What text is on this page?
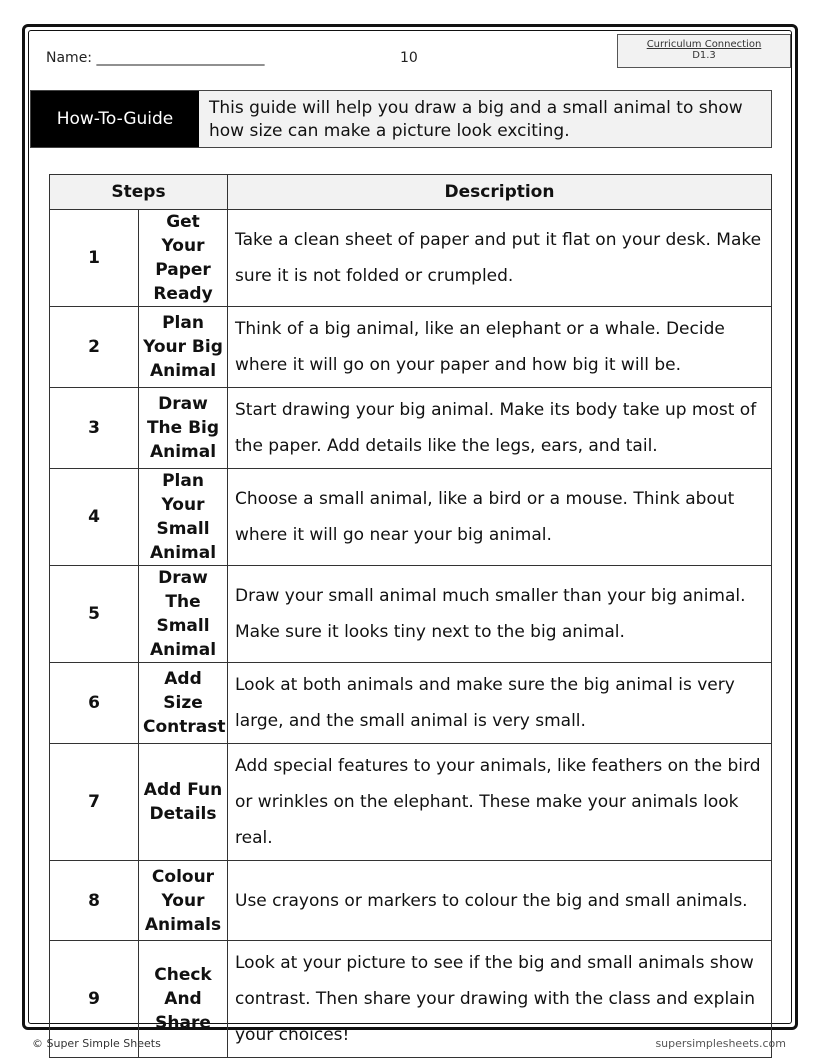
Name: ________________________	10
Curriculum Connection
D1.3
How-To-Guide
This guide will help you draw a big and a small animal to show how size can make a picture look exciting.
Steps		Description
1	Get Your Paper Ready	Take a clean sheet of paper and put it flat on your desk. Make sure it is not folded or crumpled.
2	Plan Your Big Animal	Think of a big animal, like an elephant or a whale. Decide where it will go on your paper and how big it will be.
3	Draw The Big Animal	Start drawing your big animal. Make its body take up most of the paper. Add details like the legs, ears, and tail.
4	Plan Your Small Animal	Choose a small animal, like a bird or a mouse. Think about where it will go near your big animal.
5	Draw The Small Animal	Draw your small animal much smaller than your big animal. Make sure it looks tiny next to the big animal.
6	Add Size Contrast	Look at both animals and make sure the big animal is very large, and the small animal is very small.
7	Add Fun Details	Add special features to your animals, like feathers on the bird or wrinkles on the elephant. These make your animals look real.
8	Colour Your Animals	Use crayons or markers to colour the big and small animals.
9	Check And Share	Look at your picture to see if the big and small animals show contrast. Then share your drawing with the class and explain your choices!
© Super Simple Sheets	supersimplesheets.com
